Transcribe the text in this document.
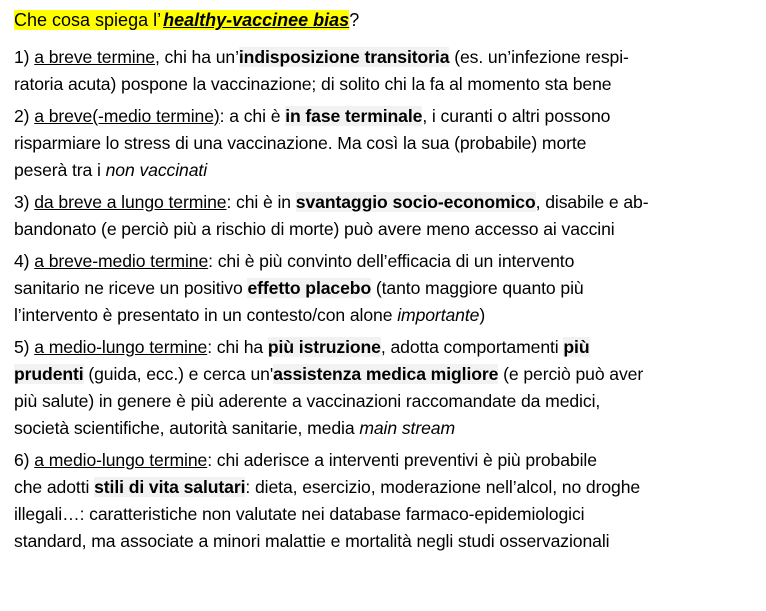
Che cosa spiega l’ healthy-vaccinee bias?
1) a breve termine, chi ha un’indisposizione transitoria (es. un’infezione respi-
ratoria acuta) pospone la vaccinazione; di solito chi la fa al momento sta bene
2) a breve(-medio termine): a chi è in fase terminale, i curanti o altri possono
risparmiare lo stress di una vaccinazione. Ma così la sua (probabile) morte
peserà tra i non vaccinati
3) da breve a lungo termine: chi è in svantaggio socio-economico, disabile e ab-
bandonato (e perciò più a rischio di morte) può avere meno accesso ai vaccini
4) a breve-medio termine: chi è più convinto dell’efficacia di un intervento
sanitario ne riceve un positivo effetto placebo (tanto maggiore quanto più
l’intervento è presentato in un contesto/con alone importante)
5) a medio-lungo termine: chi ha più istruzione, adotta comportamenti più
prudenti (guida, ecc.) e cerca un'assistenza medica migliore (e perciò può aver
più salute) in genere è più aderente a vaccinazioni raccomandate da medici,
società scientifiche, autorità sanitarie, media main stream
6) a medio-lungo termine: chi aderisce a interventi preventivi è più probabile
che adotti stili di vita salutari: dieta, esercizio, moderazione nell’alcol, no droghe
illegali…: caratteristiche non valutate nei database farmaco-epidemiologici
standard, ma associate a minori malattie e mortalità negli studi osservazionali
